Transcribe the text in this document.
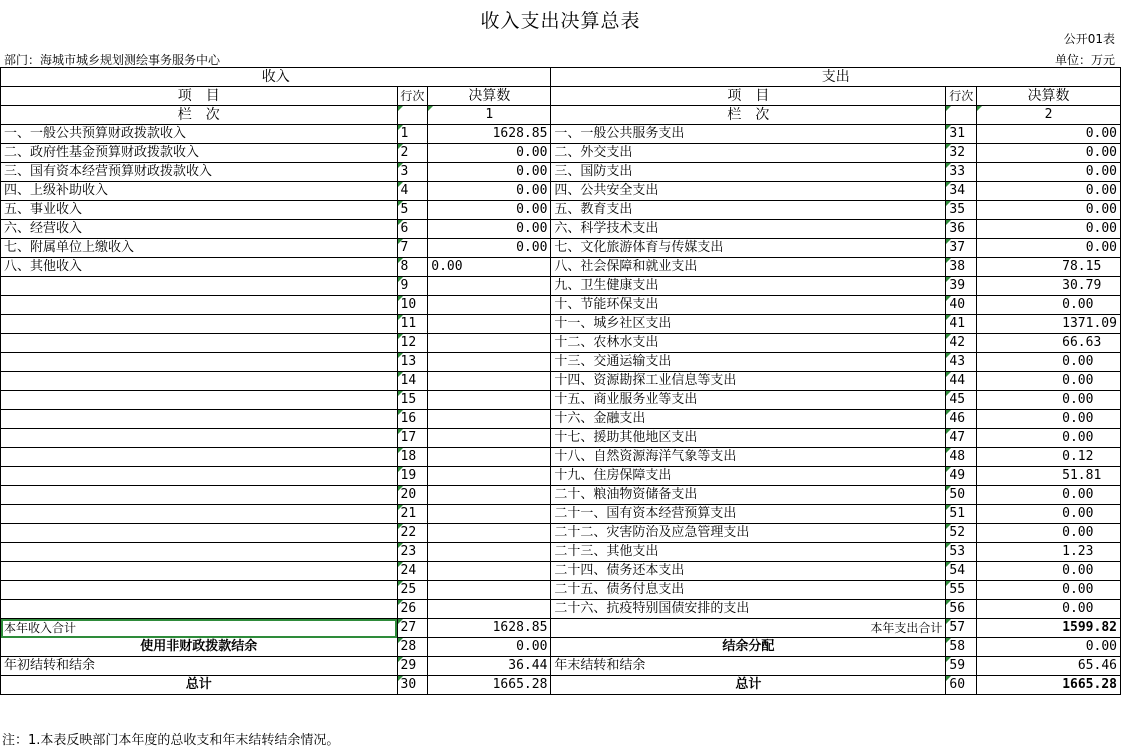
收入支出决算总表
公开01表
部门：海城市城乡规划测绘事务服务中心	单位：万元
收入			支出		
项　目	行次	决算数	项　目	行次	决算数
栏　次		1	栏　次		2
一、一般公共预算财政拨款收入	1	1628.85	一、一般公共服务支出	31	0.00
二、政府性基金预算财政拨款收入	2	0.00	二、外交支出	32	0.00
三、国有资本经营预算财政拨款收入	3	0.00	三、国防支出	33	0.00
四、上级补助收入	4	0.00	四、公共安全支出	34	0.00
五、事业收入	5	0.00	五、教育支出	35	0.00
六、经营收入	6	0.00	六、科学技术支出	36	0.00
七、附属单位上缴收入	7	0.00	七、文化旅游体育与传媒支出	37	0.00
八、其他收入	8	0.00	八、社会保障和就业支出	38	78.15
	9		九、卫生健康支出	39	30.79
	10		十、节能环保支出	40	0.00
	11		十一、城乡社区支出	41	1371.09
	12		十二、农林水支出	42	66.63
	13		十三、交通运输支出	43	0.00
	14		十四、资源勘探工业信息等支出	44	0.00
	15		十五、商业服务业等支出	45	0.00
	16		十六、金融支出	46	0.00
	17		十七、援助其他地区支出	47	0.00
	18		十八、自然资源海洋气象等支出	48	0.12
	19		十九、住房保障支出	49	51.81
	20		二十、粮油物资储备支出	50	0.00
	21		二十一、国有资本经营预算支出	51	0.00
	22		二十二、灾害防治及应急管理支出	52	0.00
	23		二十三、其他支出	53	1.23
	24		二十四、债务还本支出	54	0.00
	25		二十五、债务付息支出	55	0.00
	26		二十六、抗疫特别国债安排的支出	56	0.00
本年收入合计	27	1628.85	本年支出合计	57	1599.82
使用非财政拨款结余	28	0.00	结余分配	58	0.00
年初结转和结余	29	36.44	年末结转和结余	59	65.46
总计	30	1665.28	总计	60	1665.28
注：1.本表反映部门本年度的总收支和年末结转结余情况。
